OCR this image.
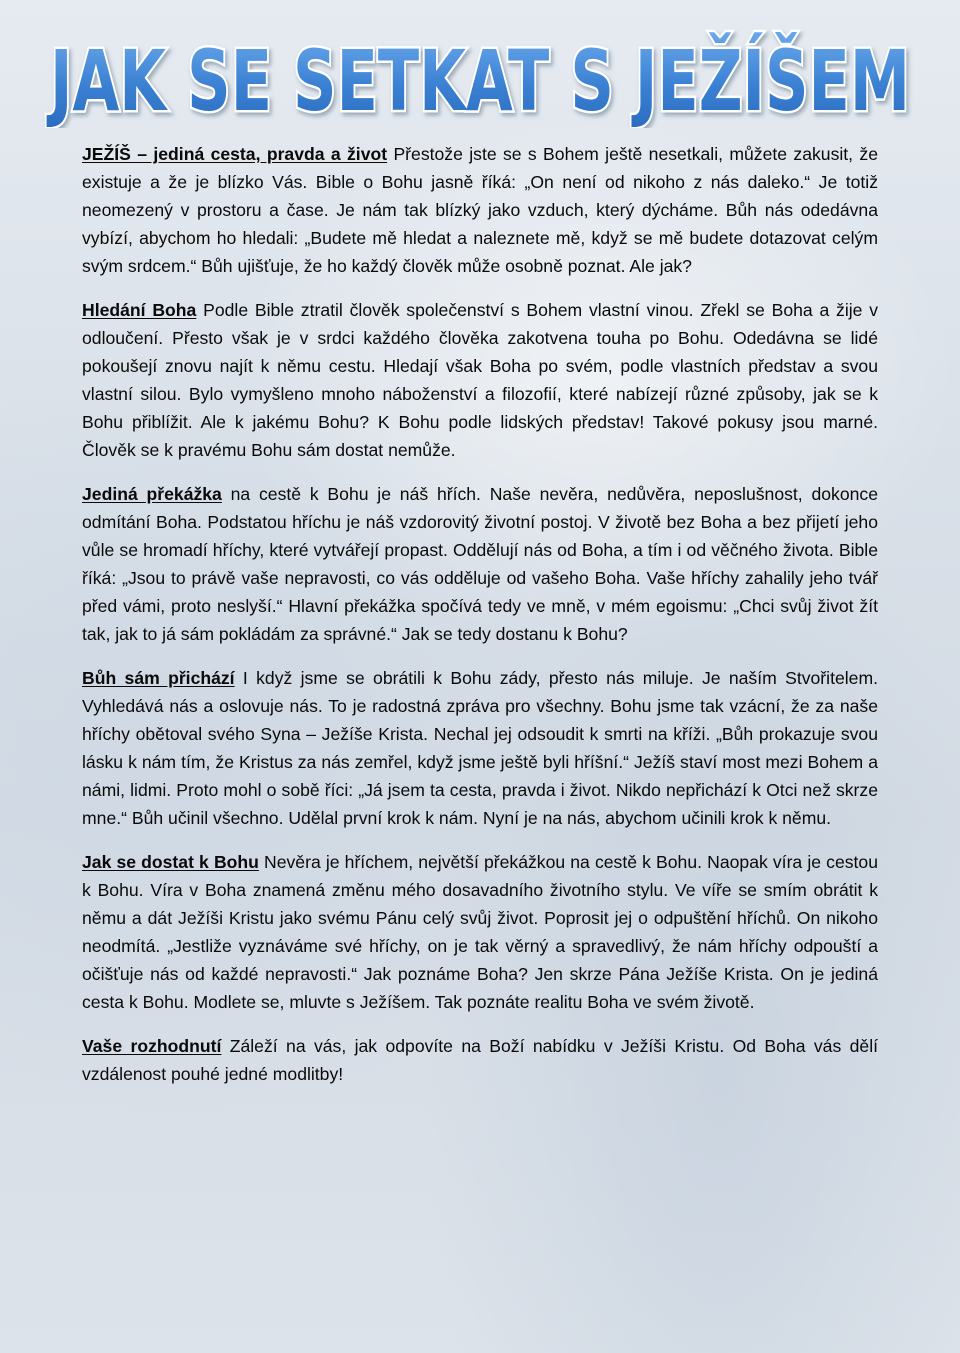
JAK SE SETKAT S JEŽÍŠEM

JEŽÍŠ – jediná cesta, pravda a život Přestože jste se s Bohem ještě nesetkali, můžete zakusit, že existuje a že je blízko Vás. Bible o Bohu jasně říká: „On není od nikoho z nás daleko.“ Je totiž neomezený v prostoru a čase. Je nám tak blízký jako vzduch, který dýcháme. Bůh nás odedávna vybízí, abychom ho hledali: „Budete mě hledat a naleznete mě, když se mě budete dotazovat celým svým srdcem.“ Bůh ujišťuje, že ho každý člověk může osobně poznat. Ale jak?

Hledání Boha Podle Bible ztratil člověk společenství s Bohem vlastní vinou. Zřekl se Boha a žije v odloučení. Přesto však je v srdci každého člověka zakotvena touha po Bohu. Odedávna se lidé pokoušejí znovu najít k němu cestu. Hledají však Boha po svém, podle vlastních představ a svou vlastní silou. Bylo vymyšleno mnoho náboženství a filozofií, které nabízejí různé způsoby, jak se k Bohu přiblížit. Ale k jakému Bohu? K Bohu podle lidských představ! Takové pokusy jsou marné. Člověk se k pravému Bohu sám dostat nemůže.

Jediná překážka na cestě k Bohu je náš hřích. Naše nevěra, nedůvěra, neposlušnost, dokonce odmítání Boha. Podstatou hříchu je náš vzdorovitý životní postoj. V životě bez Boha a bez přijetí jeho vůle se hromadí hříchy, které vytvářejí propast. Oddělují nás od Boha, a tím i od věčného života. Bible říká: „Jsou to právě vaše nepravosti, co vás odděluje od vašeho Boha. Vaše hříchy zahalily jeho tvář před vámi, proto neslyší.“ Hlavní překážka spočívá tedy ve mně, v mém egoismu: „Chci svůj život žít tak, jak to já sám pokládám za správné.“ Jak se tedy dostanu k Bohu?

Bůh sám přichází I když jsme se obrátili k Bohu zády, přesto nás miluje. Je naším Stvořitelem. Vyhledává nás a oslovuje nás. To je radostná zpráva pro všechny. Bohu jsme tak vzácní, že za naše hříchy obětoval svého Syna – Ježíše Krista. Nechal jej odsoudit k smrti na kříži. „Bůh prokazuje svou lásku k nám tím, že Kristus za nás zemřel, když jsme ještě byli hříšní.“ Ježíš staví most mezi Bohem a námi, lidmi. Proto mohl o sobě říci: „Já jsem ta cesta, pravda i život. Nikdo nepřichází k Otci než skrze mne.“ Bůh učinil všechno. Udělal první krok k nám. Nyní je na nás, abychom učinili krok k němu.

Jak se dostat k Bohu Nevěra je hříchem, největší překážkou na cestě k Bohu. Naopak víra je cestou k Bohu. Víra v Boha znamená změnu mého dosavadního životního stylu. Ve víře se smím obrátit k němu a dát Ježíši Kristu jako svému Pánu celý svůj život. Poprosit jej o odpuštění hříchů. On nikoho neodmítá. „Jestliže vyznáváme své hříchy, on je tak věrný a spravedlivý, že nám hříchy odpouští a očišťuje nás od každé nepravosti.“ Jak poznáme Boha? Jen skrze Pána Ježíše Krista. On je jediná cesta k Bohu. Modlete se, mluvte s Ježíšem. Tak poznáte realitu Boha ve svém životě.

Vaše rozhodnutí Záleží na vás, jak odpovíte na Boží nabídku v Ježíši Kristu. Od Boha vás dělí vzdálenost pouhé jedné modlitby!
